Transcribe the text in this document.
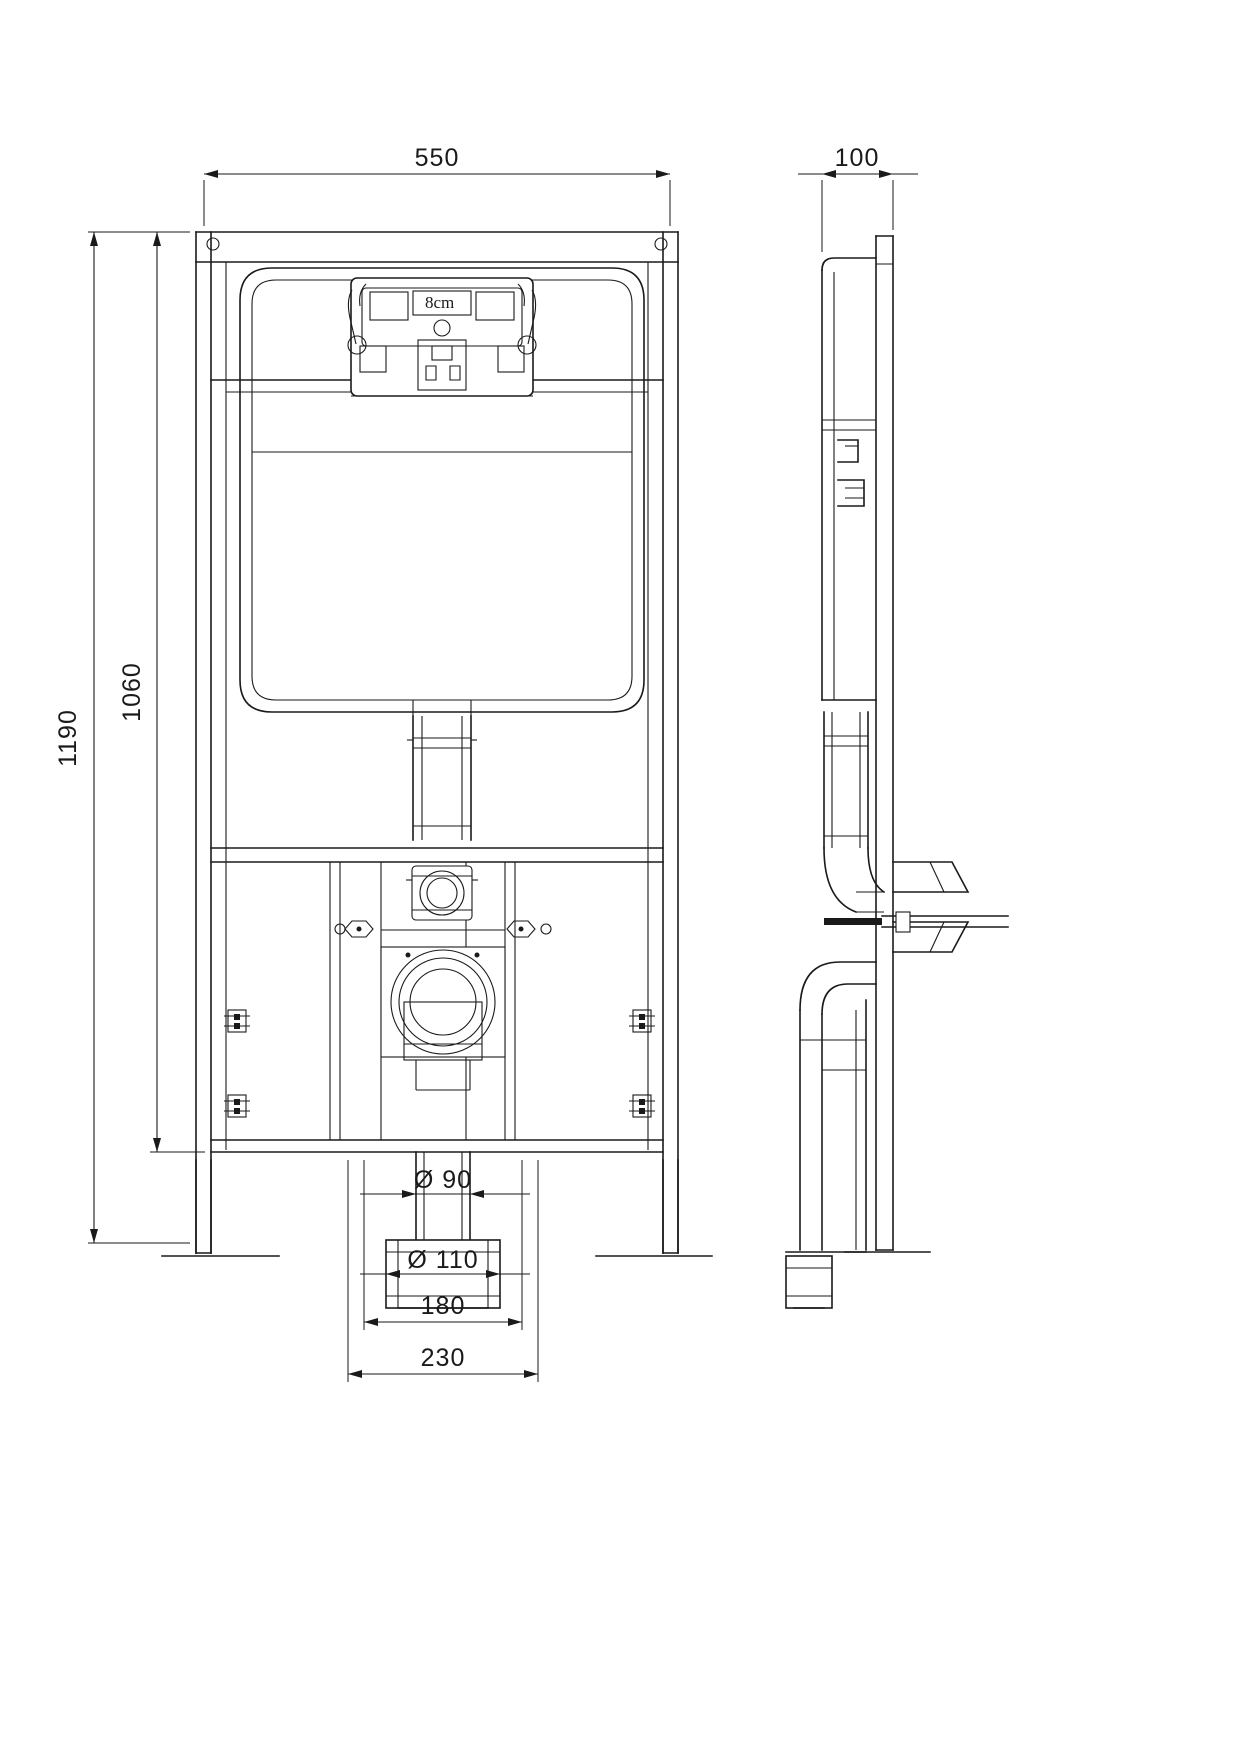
8cm
550	100
1190
1060
Ø 90
Ø 110
180
230
